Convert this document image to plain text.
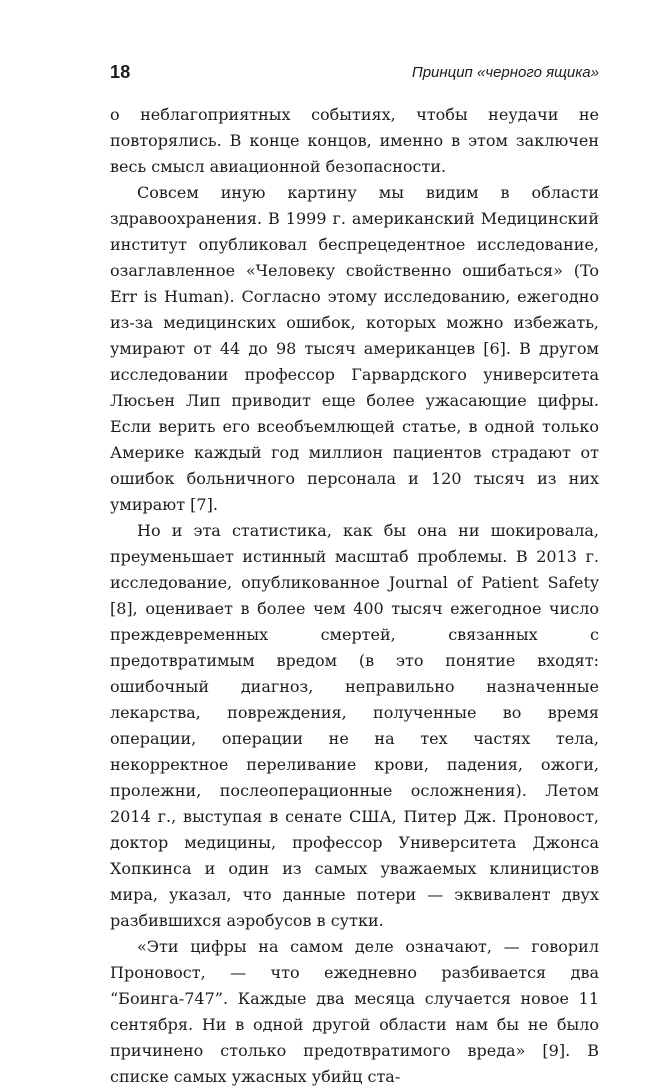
18	Принцип «черного ящика»

о неблагоприятных событиях, чтобы неудачи не повторялись. В конце концов, именно в этом заключен весь смысл авиационной безопасности.

Совсем иную картину мы видим в области здравоохранения. В 1999 г. американский Медицинский институт опубликовал беспрецедентное исследование, озаглавленное «Человеку свойственно ошибаться» (To Err is Human). Согласно этому исследованию, ежегодно из-за медицинских ошибок, которых можно избежать, умирают от 44 до 98 тысяч американцев [6]. В другом исследовании профессор Гарвардского университета Люсьен Лип приводит еще более ужасающие цифры. Если верить его всеобъемлющей статье, в одной только Америке каждый год миллион пациентов страдают от ошибок больничного персонала и 120 тысяч из них умирают [7].

Но и эта статистика, как бы она ни шокировала, преуменьшает истинный масштаб проблемы. В 2013 г. исследование, опубликованное Journal of Patient Safety [8], оценивает в более чем 400 тысяч ежегодное число преждевременных смертей, связанных с предотвратимым вредом (в это понятие входят: ошибочный диагноз, неправильно назначенные лекарства, повреждения, полученные во время операции, операции не на тех частях тела, некорректное переливание крови, падения, ожоги, пролежни, послеоперационные осложнения). Летом 2014 г., выступая в сенате США, Питер Дж. Проновост, доктор медицины, профессор Университета Джонса Хопкинса и один из самых уважаемых клиницистов мира, указал, что данные потери — эквивалент двух разбившихся аэробусов в сутки.

«Эти цифры на самом деле означают, — говорил Проновост, — что ежедневно разбивается два “Боинга-747”. Каждые два месяца случается новое 11 сентября. Ни в одной другой области нам бы не было причинено столько предотвратимого вреда» [9]. В списке самых ужасных убийц ста-
